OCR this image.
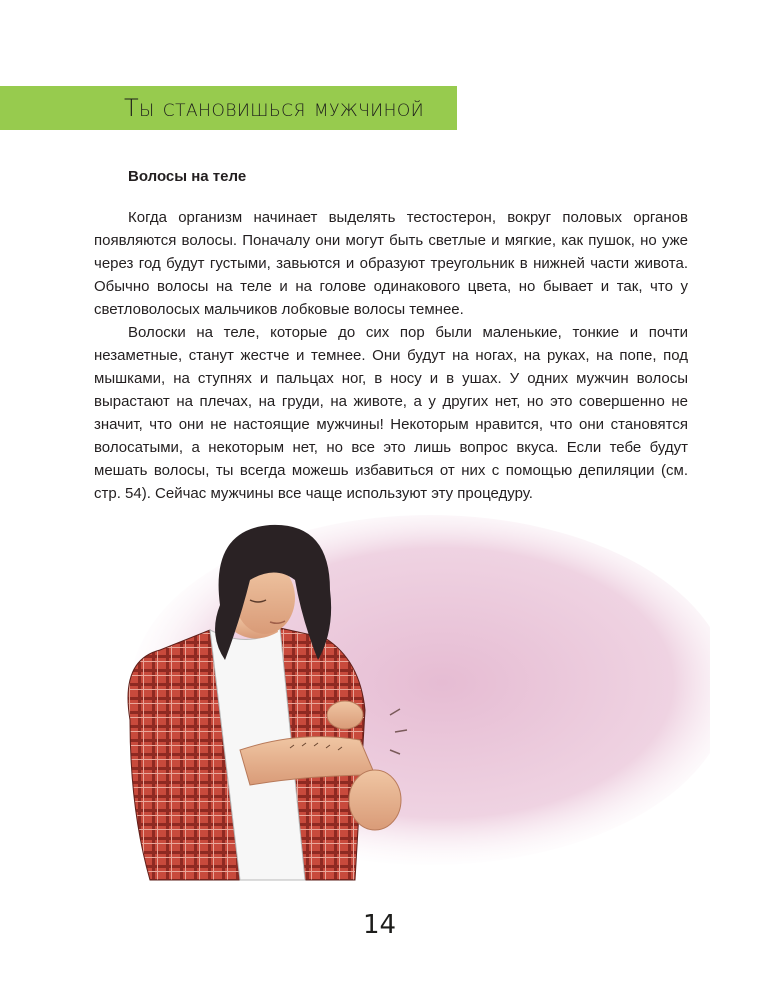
Ты становишься мужчиной
Волосы на теле

Когда организм начинает выделять тестостерон, вокруг половых органов появляются волосы. Поначалу они могут быть светлые и мягкие, как пушок, но уже через год будут густыми, завьются и образуют треугольник в нижней части живота. Обычно волосы на теле и на голове одинакового цвета, но бывает и так, что у светловолосых мальчиков лобковые волосы темнее.

Волоски на теле, которые до сих пор были маленькие, тонкие и почти незаметные, станут жестче и темнее. Они будут на ногах, на руках, на попе, под мышками, на ступнях и пальцах ног, в носу и в ушах. У одних мужчин волосы вырастают на плечах, на груди, на животе, а у других нет, но это совершенно не значит, что они не настоящие мужчины! Некоторым нравится, что они становятся волосатыми, а некоторым нет, но все это лишь вопрос вкуса. Если тебе будут мешать волосы, ты всегда можешь избавиться от них с помощью депиляции (см. стр. 54). Сейчас мужчины все чаще используют эту процедуру.

14
